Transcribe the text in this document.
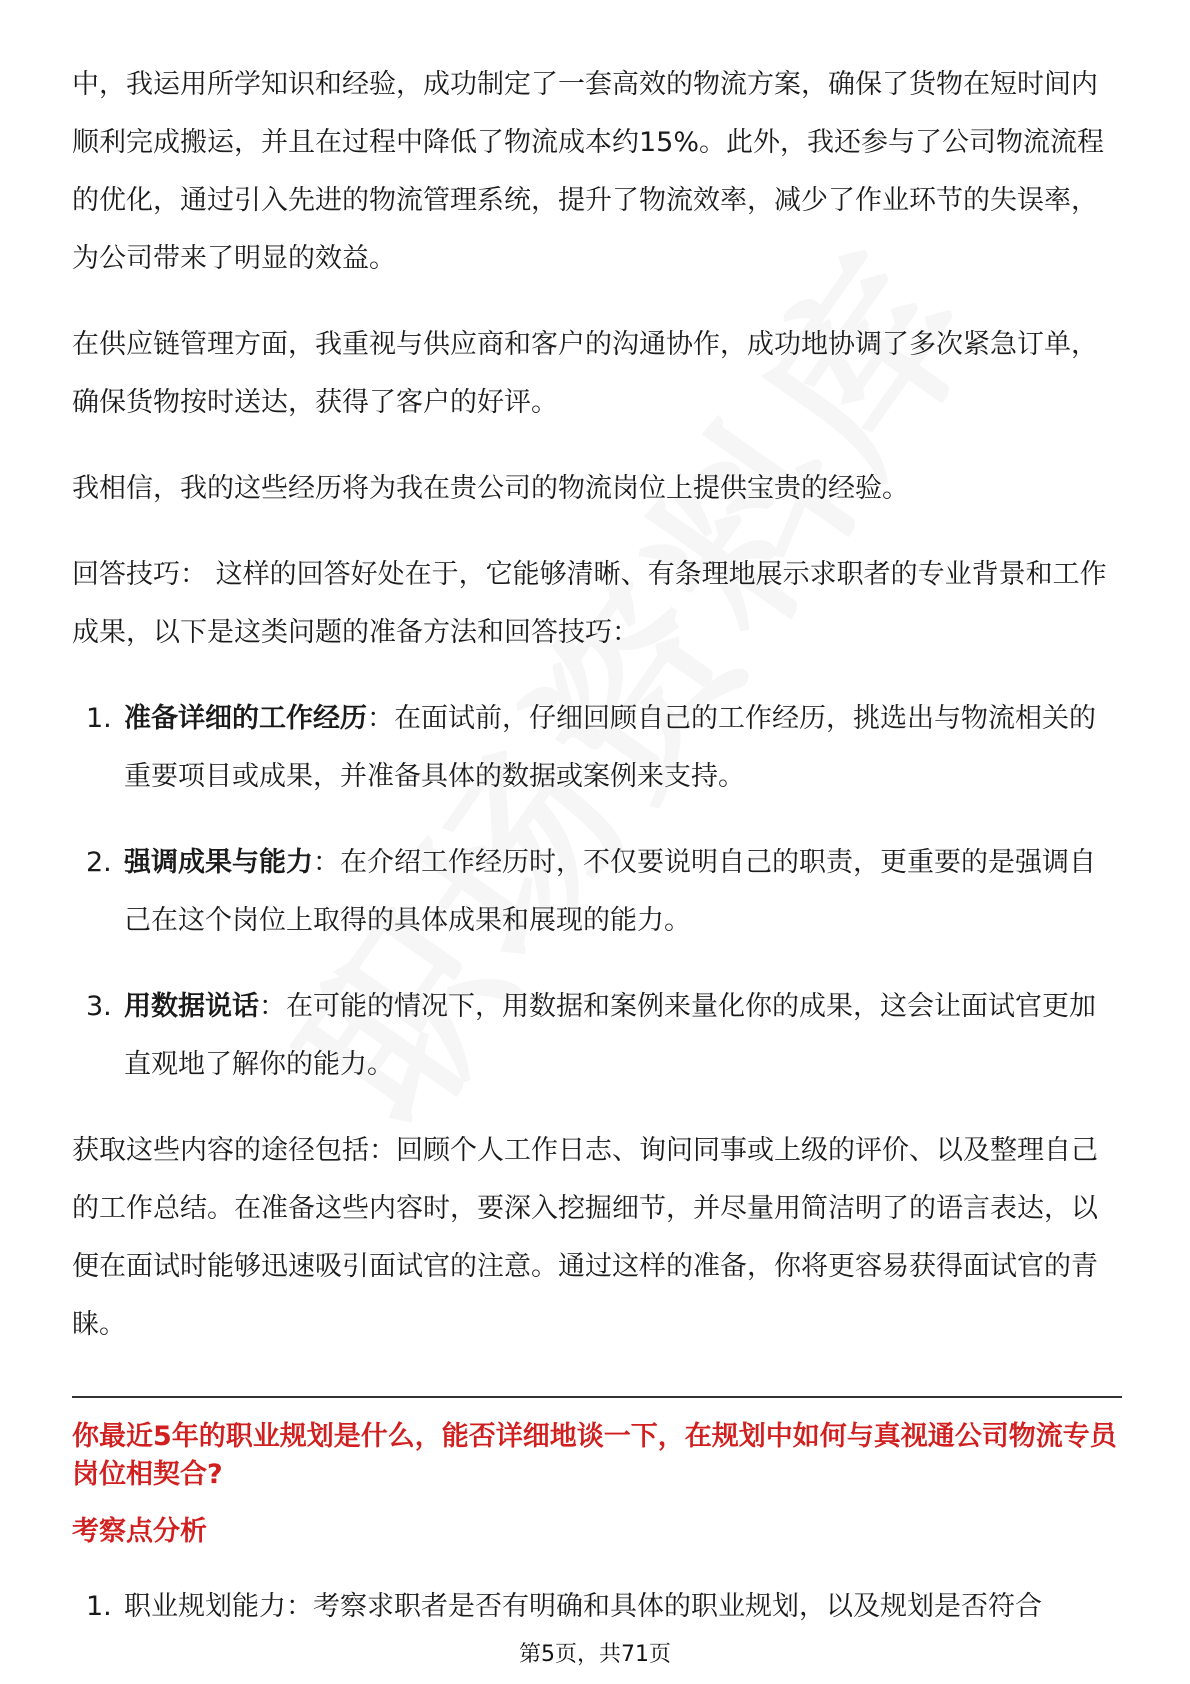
中，我运用所学知识和经验，成功制定了一套高效的物流方案，确保了货物在短时间内顺利完成搬运，并且在过程中降低了物流成本约15%。此外，我还参与了公司物流流程的优化，通过引入先进的物流管理系统，提升了物流效率，减少了作业环节的失误率，为公司带来了明显的效益。

在供应链管理方面，我重视与供应商和客户的沟通协作，成功地协调了多次紧急订单，确保货物按时送达，获得了客户的好评。

我相信，我的这些经历将为我在贵公司的物流岗位上提供宝贵的经验。

回答技巧： 这样的回答好处在于，它能够清晰、有条理地展示求职者的专业背景和工作成果，以下是这类问题的准备方法和回答技巧：

1. 准备详细的工作经历：在面试前，仔细回顾自己的工作经历，挑选出与物流相关的重要项目或成果，并准备具体的数据或案例来支持。
2. 强调成果与能力：在介绍工作经历时，不仅要说明自己的职责，更重要的是强调自己在这个岗位上取得的具体成果和展现的能力。
3. 用数据说话：在可能的情况下，用数据和案例来量化你的成果，这会让面试官更加直观地了解你的能力。

获取这些内容的途径包括：回顾个人工作日志、询问同事或上级的评价、以及整理自己的工作总结。在准备这些内容时，要深入挖掘细节，并尽量用简洁明了的语言表达，以便在面试时能够迅速吸引面试官的注意。通过这样的准备，你将更容易获得面试官的青睐。

你最近5年的职业规划是什么，能否详细地谈一下，在规划中如何与真视通公司物流专员岗位相契合?
考察点分析
1. 职业规划能力：考察求职者是否有明确和具体的职业规划，以及规划是否符合
第5页，共71页
